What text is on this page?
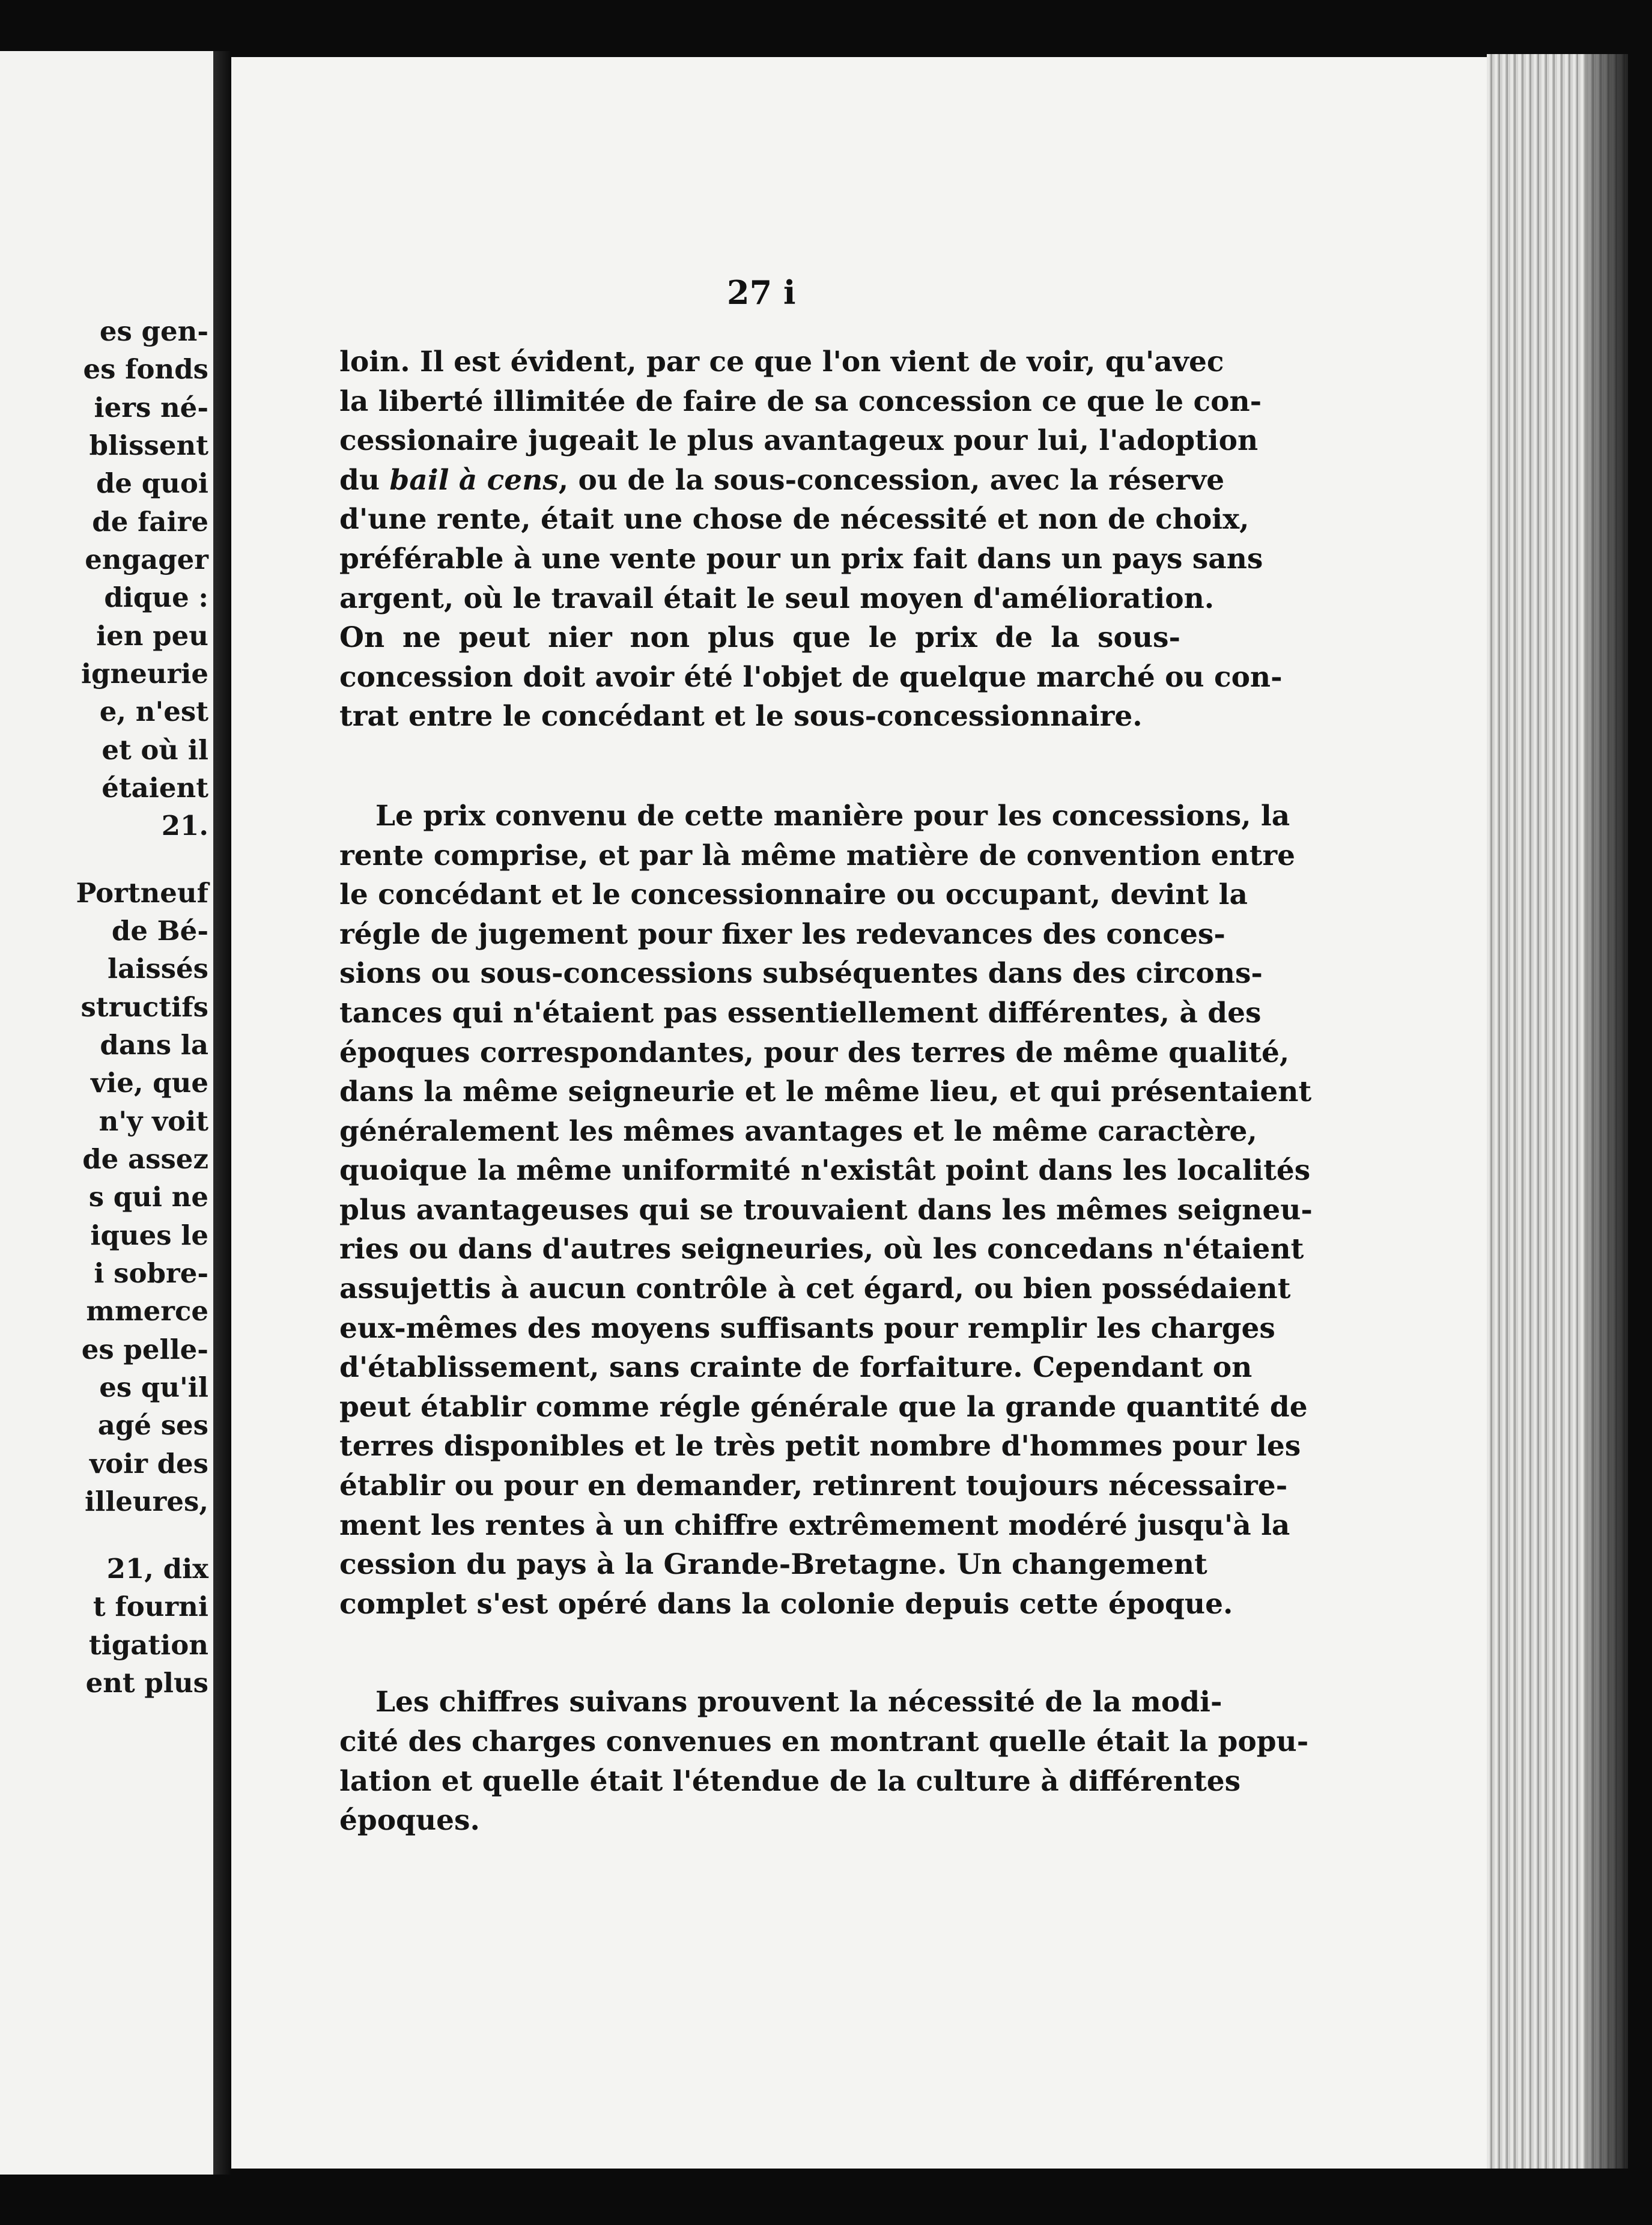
es gen-
es fonds
iers né-
blissent
de quoi
de faire
engager
dique :
ien peu
igneurie
e, n'est
et où il
étaient
21.
Portneuf
de Bé-
laissés
structifs
dans la
vie, que
n'y voit
de assez
s qui ne
iques le
i sobre-
mmerce
es pelle-
es qu'il
agé ses
voir des
illeures,
21, dix
t fourni
tigation
ent plus
27 i

loin. Il est évident, par ce que l'on vient de voir, qu'avec
la liberté illimitée de faire de sa concession ce que le con-
cessionaire jugeait le plus avantageux pour lui, l'adoption
du bail à cens, ou de la sous-concession, avec la réserve
d'une rente, était une chose de nécessité et non de choix,
préférable à une vente pour un prix fait dans un pays sans
argent, où le travail était le seul moyen d'amélioration.
On ne peut nier non plus que le prix de la sous-
concession doit avoir été l'objet de quelque marché ou con-
trat entre le concédant et le sous-concessionnaire.

Le prix convenu de cette manière pour les concessions, la
rente comprise, et par là même matière de convention entre
le concédant et le concessionnaire ou occupant, devint la
régle de jugement pour fixer les redevances des conces-
sions ou sous-concessions subséquentes dans des circons-
tances qui n'étaient pas essentiellement différentes, à des
époques correspondantes, pour des terres de même qualité,
dans la même seigneurie et le même lieu, et qui présentaient
généralement les mêmes avantages et le même caractère,
quoique la même uniformité n'existât point dans les localités
plus avantageuses qui se trouvaient dans les mêmes seigneu-
ries ou dans d'autres seigneuries, où les concedans n'étaient
assujettis à aucun contrôle à cet égard, ou bien possédaient
eux-mêmes des moyens suffisants pour remplir les charges
d'établissement, sans crainte de forfaiture. Cependant on
peut établir comme régle générale que la grande quantité de
terres disponibles et le très petit nombre d'hommes pour les
établir ou pour en demander, retinrent toujours nécessaire-
ment les rentes à un chiffre extrêmement modéré jusqu'à la
cession du pays à la Grande-Bretagne. Un changement
complet s'est opéré dans la colonie depuis cette époque.

Les chiffres suivans prouvent la nécessité de la modi-
cité des charges convenues en montrant quelle était la popu-
lation et quelle était l'étendue de la culture à différentes
époques.
